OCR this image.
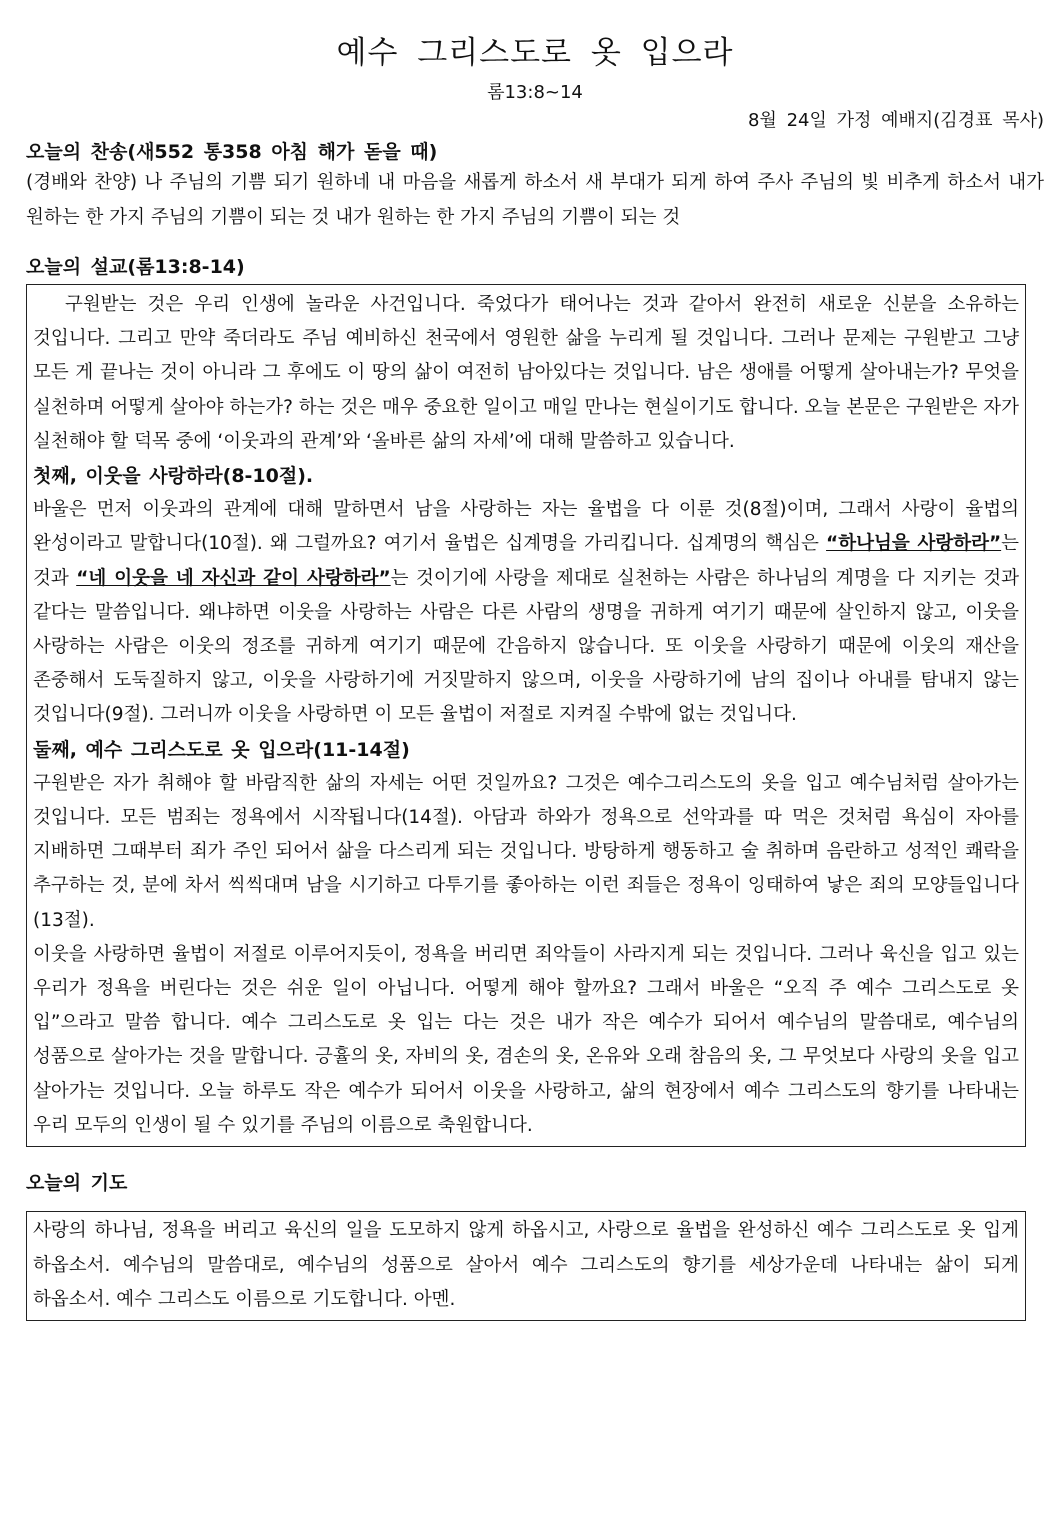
예수 그리스도로 옷 입으라
롬13:8~14
8월 24일 가정 예배지(김경표 목사)
오늘의 찬송(새552 통358 아침 해가 돋을 때)

(경배와 찬양) 나 주님의 기쁨 되기 원하네 내 마음을 새롭게 하소서 새 부대가 되게 하여 주사 주님의 빛 비추게 하소서 내가 원하는 한 가지 주님의 기쁨이 되는 것 내가 원하는 한 가지 주님의 기쁨이 되는 것

오늘의 설교(롬13:8-14)

구원받는 것은 우리 인생에 놀라운 사건입니다. 죽었다가 태어나는 것과 같아서 완전히 새로운 신분을 소유하는 것입니다. 그리고 만약 죽더라도 주님 예비하신 천국에서 영원한 삶을 누리게 될 것입니다. 그러나 문제는 구원받고 그냥 모든 게 끝나는 것이 아니라 그 후에도 이 땅의 삶이 여전히 남아있다는 것입니다. 남은 생애를 어떻게 살아내는가? 무엇을 실천하며 어떻게 살아야 하는가? 하는 것은 매우 중요한 일이고 매일 만나는 현실이기도 합니다. 오늘 본문은 구원받은 자가 실천해야 할 덕목 중에 ‘이웃과의 관계’와 ‘올바른 삶의 자세’에 대해 말씀하고 있습니다.

첫째, 이웃을 사랑하라(8-10절).

바울은 먼저 이웃과의 관계에 대해 말하면서 남을 사랑하는 자는 율법을 다 이룬 것(8절)이며, 그래서 사랑이 율법의 완성이라고 말합니다(10절). 왜 그럴까요? 여기서 율법은 십계명을 가리킵니다. 십계명의 핵심은 “하나님을 사랑하라”는 것과 “네 이웃을 네 자신과 같이 사랑하라”는 것이기에 사랑을 제대로 실천하는 사람은 하나님의 계명을 다 지키는 것과 같다는 말씀입니다. 왜냐하면 이웃을 사랑하는 사람은 다른 사람의 생명을 귀하게 여기기 때문에 살인하지 않고, 이웃을 사랑하는 사람은 이웃의 정조를 귀하게 여기기 때문에 간음하지 않습니다. 또 이웃을 사랑하기 때문에 이웃의 재산을 존중해서 도둑질하지 않고, 이웃을 사랑하기에 거짓말하지 않으며, 이웃을 사랑하기에 남의 집이나 아내를 탐내지 않는 것입니다(9절). 그러니까 이웃을 사랑하면 이 모든 율법이 저절로 지켜질 수밖에 없는 것입니다.

둘째, 예수 그리스도로 옷 입으라(11-14절)

구원받은 자가 취해야 할 바람직한 삶의 자세는 어떤 것일까요? 그것은 예수그리스도의 옷을 입고 예수님처럼 살아가는 것입니다. 모든 범죄는 정욕에서 시작됩니다(14절). 아담과 하와가 정욕으로 선악과를 따 먹은 것처럼 욕심이 자아를 지배하면 그때부터 죄가 주인 되어서 삶을 다스리게 되는 것입니다. 방탕하게 행동하고 술 취하며 음란하고 성적인 쾌락을 추구하는 것, 분에 차서 씩씩대며 남을 시기하고 다투기를 좋아하는 이런 죄들은 정욕이 잉태하여 낳은 죄의 모양들입니다(13절).

이웃을 사랑하면 율법이 저절로 이루어지듯이, 정욕을 버리면 죄악들이 사라지게 되는 것입니다. 그러나 육신을 입고 있는 우리가 정욕을 버린다는 것은 쉬운 일이 아닙니다. 어떻게 해야 할까요? 그래서 바울은 “오직 주 예수 그리스도로 옷 입”으라고 말씀 합니다. 예수 그리스도로 옷 입는 다는 것은 내가 작은 예수가 되어서 예수님의 말씀대로, 예수님의 성품으로 살아가는 것을 말합니다. 긍휼의 옷, 자비의 옷, 겸손의 옷, 온유와 오래 참음의 옷, 그 무엇보다 사랑의 옷을 입고 살아가는 것입니다. 오늘 하루도 작은 예수가 되어서 이웃을 사랑하고, 삶의 현장에서 예수 그리스도의 향기를 나타내는 우리 모두의 인생이 될 수 있기를 주님의 이름으로 축원합니다.

오늘의 기도

사랑의 하나님, 정욕을 버리고 육신의 일을 도모하지 않게 하옵시고, 사랑으로 율법을 완성하신 예수 그리스도로 옷 입게 하옵소서. 예수님의 말씀대로, 예수님의 성품으로 살아서 예수 그리스도의 향기를 세상가운데 나타내는 삶이 되게 하옵소서. 예수 그리스도 이름으로 기도합니다. 아멘.
